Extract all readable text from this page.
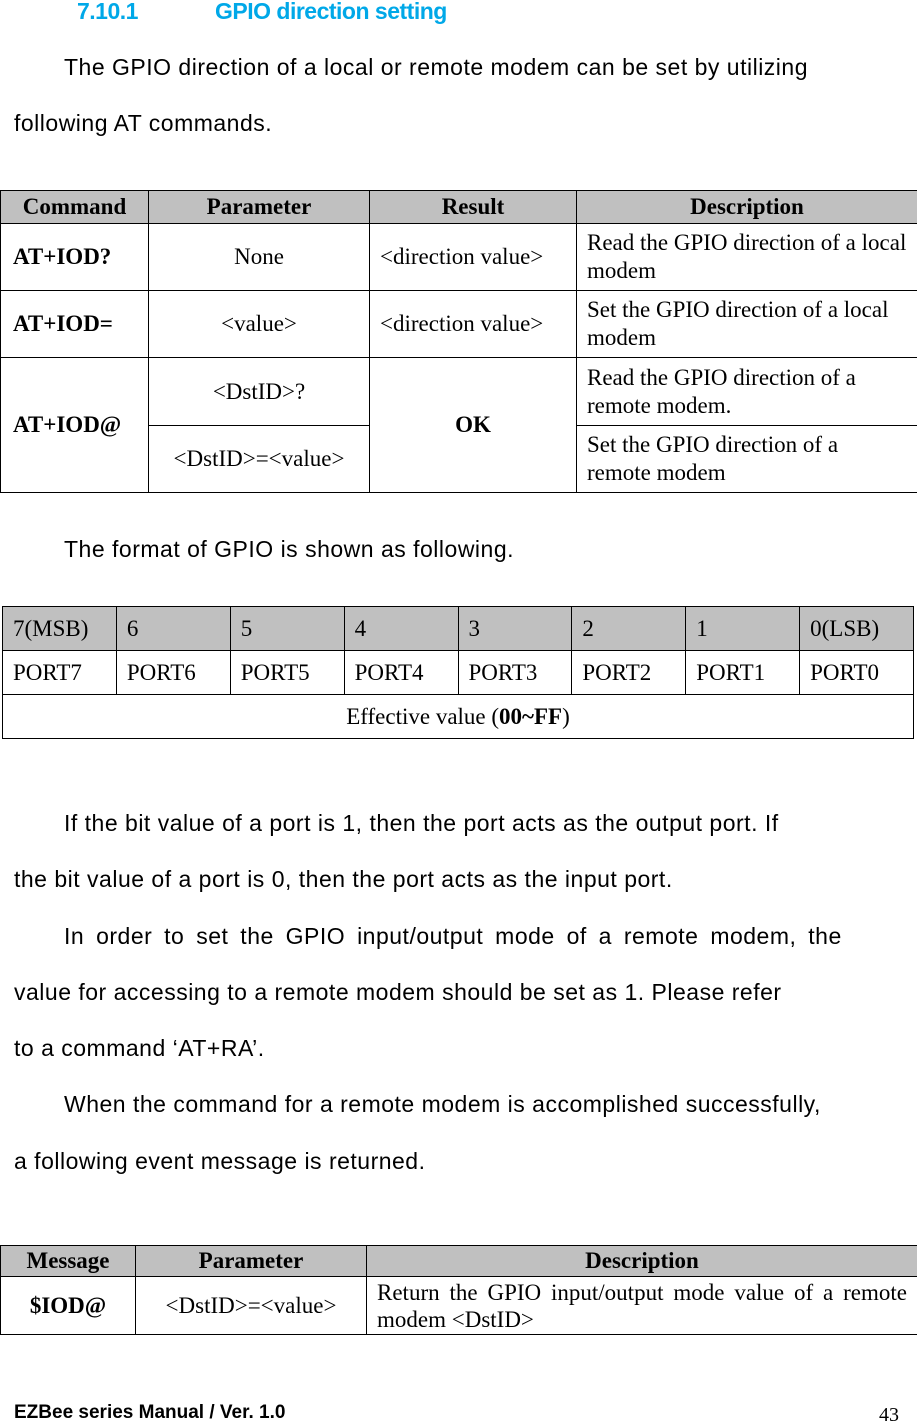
7.10.1	GPIO direction setting
The GPIO direction of a local or remote modem can be set by utilizing
following AT commands.
Command	Parameter	Result	Description
AT+IOD?	None	<direction value>	Read the GPIO direction of a local modem
AT+IOD=	<value>	<direction value>	Set the GPIO direction of a local modem
AT+IOD@	<DstID>?	OK	Read the GPIO direction of a remote modem.
	<DstID>=<value>		Set the GPIO direction of a remote modem
The format of GPIO is shown as following.
7(MSB)	6	5	4	3	2	1	0(LSB)
PORT7	PORT6	PORT5	PORT4	PORT3	PORT2	PORT1	PORT0
Effective value (00~FF)							
If the bit value of a port is 1, then the port acts as the output port. If
the bit value of a port is 0, then the port acts as the input port.
In order to set the GPIO input/output mode of a remote modem, the
value for accessing to a remote modem should be set as 1. Please refer
to a command ‘AT+RA’.
When the command for a remote modem is accomplished successfully,
a following event message is returned.
Message	Parameter	Description
$IOD@	<DstID>=<value>	Return the GPIO input/output mode value of a remote modem <DstID>
EZBee series Manual / Ver. 1.0	43
